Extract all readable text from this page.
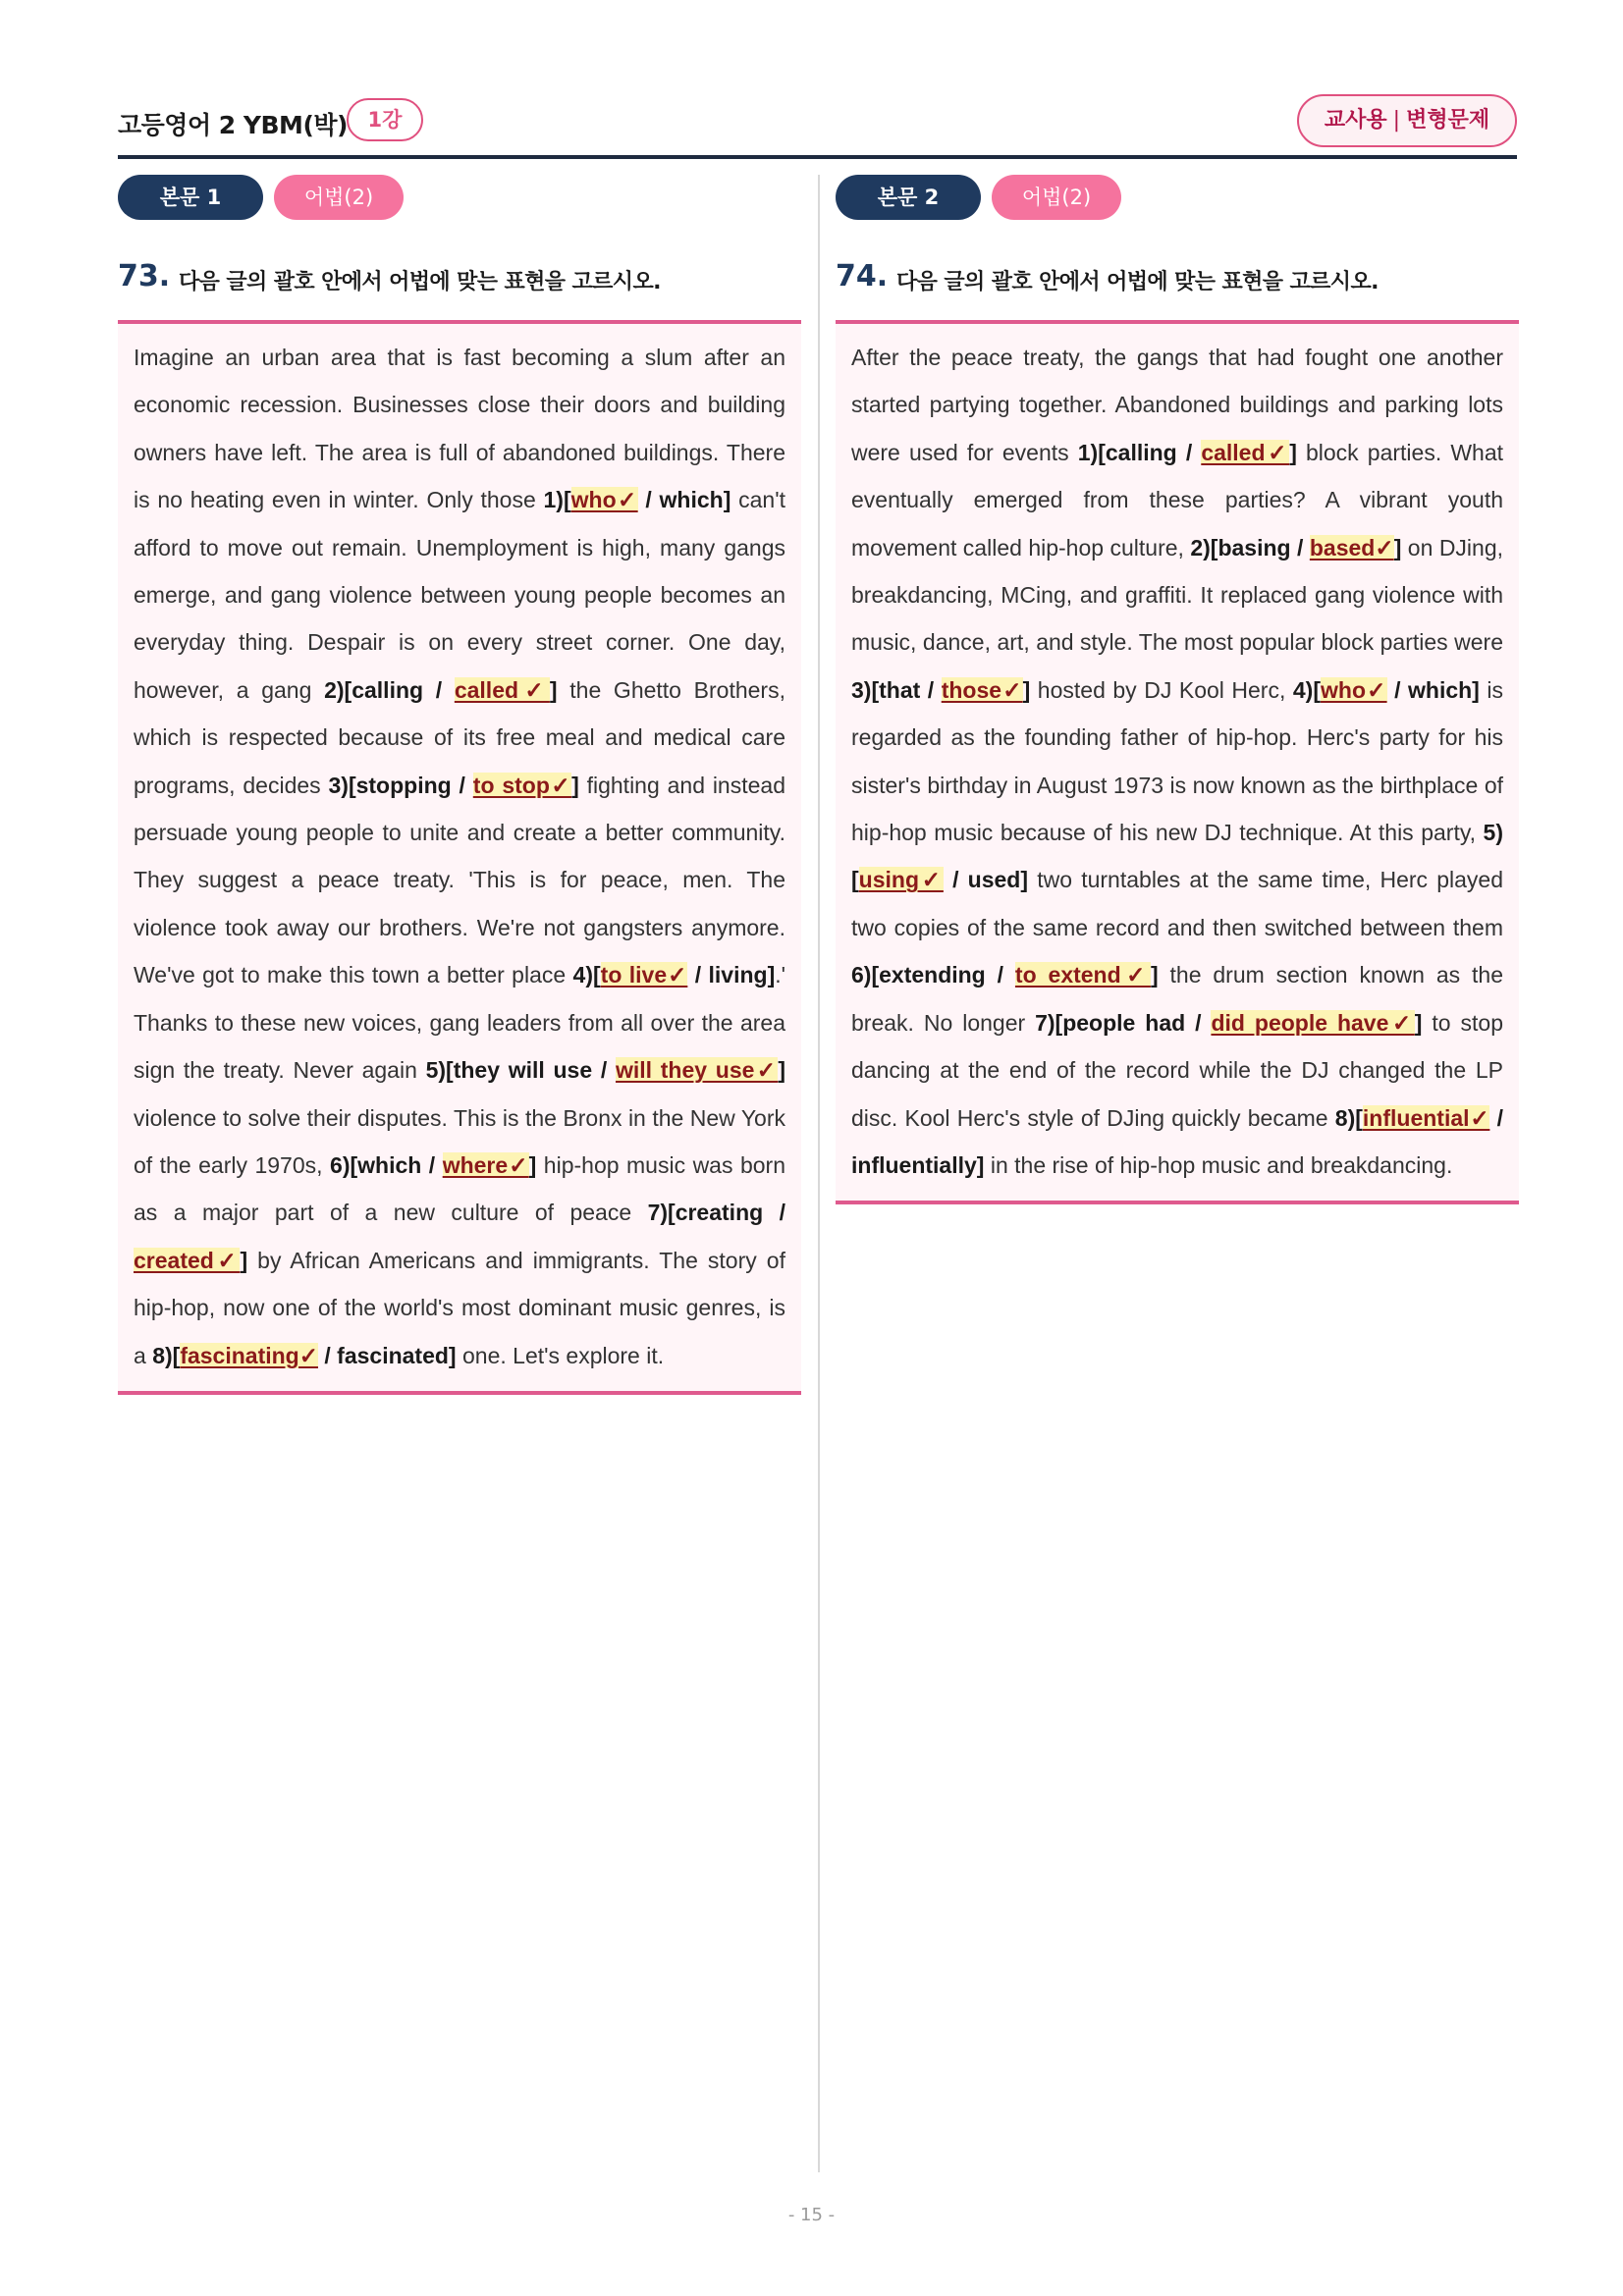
고등영어 2 YBM(박) 1강	교사용 | 변형문제
본문 1	어법(2)
73. 다음 글의 괄호 안에서 어법에 맞는 표현을 고르시오.

Imagine an urban area that is fast becoming a slum after an economic recession. Businesses close their doors and building owners have left. The area is full of abandoned buildings. There is no heating even in winter. Only those 1)[who✓ / which] can't afford to move out remain. Unemployment is high, many gangs emerge, and gang violence between young people becomes an everyday thing. Despair is on every street corner. One day, however, a gang 2)[calling / called✓] the Ghetto Brothers, which is respected because of its free meal and medical care programs, decides 3)[stopping / to stop✓] fighting and instead persuade young people to unite and create a better community. They suggest a peace treaty. 'This is for peace, men. The violence took away our brothers. We're not gangsters anymore. We've got to make this town a better place 4)[to live✓ / living].' Thanks to these new voices, gang leaders from all over the area sign the treaty. Never again 5)[they will use / will they use✓] violence to solve their disputes. This is the Bronx in the New York of the early 1970s, 6)[which / where✓] hip-hop music was born as a major part of a new culture of peace 7)[creating / created✓] by African Americans and immigrants. The story of hip-hop, now one of the world's most dominant music genres, is a 8)[fascinating✓ / fascinated] one. Let's explore it.

본문 2	어법(2)
74. 다음 글의 괄호 안에서 어법에 맞는 표현을 고르시오.

After the peace treaty, the gangs that had fought one another started partying together. Abandoned buildings and parking lots were used for events 1)[calling / called✓] block parties. What eventually emerged from these parties? A vibrant youth movement called hip-hop culture, 2)[basing / based✓] on DJing, breakdancing, MCing, and graffiti. It replaced gang violence with music, dance, art, and style. The most popular block parties were 3)[that / those✓] hosted by DJ Kool Herc, 4)[who✓ / which] is regarded as the founding father of hip-hop. Herc's party for his sister's birthday in August 1973 is now known as the birthplace of hip-hop music because of his new DJ technique. At this party, 5)[using✓ / used] two turntables at the same time, Herc played two copies of the same record and then switched between them 6)[extending / to extend✓] the drum section known as the break. No longer 7)[people had / did people have✓] to stop dancing at the end of the record while the DJ changed the LP disc. Kool Herc's style of DJing quickly became 8)[influential✓ / influentially] in the rise of hip-hop music and breakdancing.

- 15 -
